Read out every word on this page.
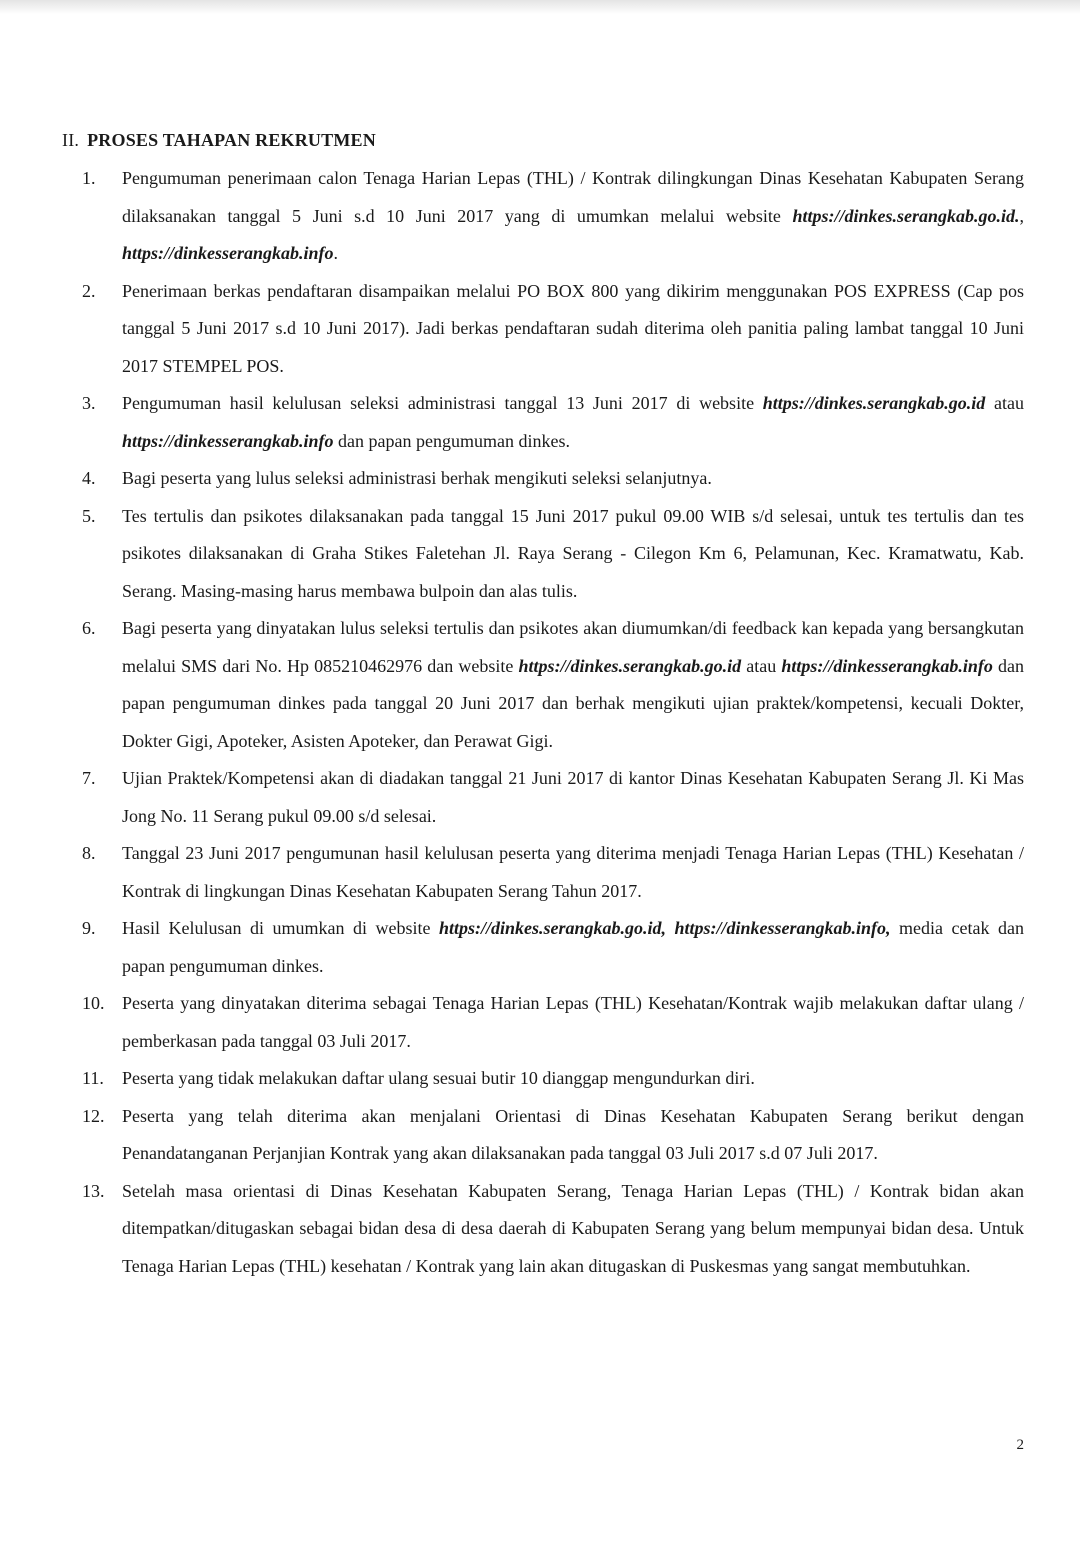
II. PROSES TAHAPAN REKRUTMEN
1.	Pengumuman penerimaan calon Tenaga Harian Lepas (THL) / Kontrak dilingkungan Dinas Kesehatan Kabupaten Serang dilaksanakan tanggal 5 Juni s.d 10 Juni 2017 yang di umumkan melalui website https://dinkes.serangkab.go.id., https://dinkesserangkab.info.
2.	Penerimaan berkas pendaftaran disampaikan melalui PO BOX 800 yang dikirim menggunakan POS EXPRESS (Cap pos tanggal 5 Juni 2017 s.d 10 Juni 2017). Jadi berkas pendaftaran sudah diterima oleh panitia paling lambat tanggal 10 Juni 2017 STEMPEL POS.
3.	Pengumuman hasil kelulusan seleksi administrasi tanggal 13 Juni 2017 di website https://dinkes.serangkab.go.id atau https://dinkesserangkab.info dan papan pengumuman dinkes.
4.	Bagi peserta yang lulus seleksi administrasi berhak mengikuti seleksi selanjutnya.
5.	Tes tertulis dan psikotes dilaksanakan pada tanggal 15 Juni 2017 pukul 09.00 WIB s/d selesai, untuk tes tertulis dan tes psikotes dilaksanakan di Graha Stikes Faletehan Jl. Raya Serang - Cilegon Km 6, Pelamunan, Kec. Kramatwatu, Kab. Serang. Masing-masing harus membawa bulpoin dan alas tulis.
6.	Bagi peserta yang dinyatakan lulus seleksi tertulis dan psikotes akan diumumkan/di feedback kan kepada yang bersangkutan melalui SMS dari No. Hp 085210462976 dan website https://dinkes.serangkab.go.id atau https://dinkesserangkab.info dan papan pengumuman dinkes pada tanggal 20 Juni 2017 dan berhak mengikuti ujian praktek/kompetensi, kecuali Dokter, Dokter Gigi, Apoteker, Asisten Apoteker, dan Perawat Gigi.
7.	Ujian Praktek/Kompetensi akan di diadakan tanggal 21 Juni 2017 di kantor Dinas Kesehatan Kabupaten Serang Jl. Ki Mas Jong No. 11 Serang pukul 09.00 s/d selesai.
8.	Tanggal 23 Juni 2017 pengumunan hasil kelulusan peserta yang diterima menjadi Tenaga Harian Lepas (THL) Kesehatan / Kontrak di lingkungan Dinas Kesehatan Kabupaten Serang Tahun 2017.
9.	Hasil Kelulusan di umumkan di website https://dinkes.serangkab.go.id, https://dinkesserangkab.info, media cetak dan papan pengumuman dinkes.
10. Peserta yang dinyatakan diterima sebagai Tenaga Harian Lepas (THL) Kesehatan/Kontrak wajib melakukan daftar ulang / pemberkasan pada tanggal 03 Juli 2017.
11.	Peserta yang tidak melakukan daftar ulang sesuai butir 10 dianggap mengundurkan diri.
12. Peserta yang telah diterima akan menjalani Orientasi di Dinas Kesehatan Kabupaten Serang berikut dengan Penandatanganan Perjanjian Kontrak yang akan dilaksanakan pada tanggal 03 Juli 2017 s.d 07 Juli 2017.
13. Setelah masa orientasi di Dinas Kesehatan Kabupaten Serang, Tenaga Harian Lepas (THL) / Kontrak bidan akan ditempatkan/ditugaskan sebagai bidan desa di desa daerah di Kabupaten Serang yang belum mempunyai bidan desa. Untuk Tenaga Harian Lepas (THL) kesehatan / Kontrak yang lain akan ditugaskan di Puskesmas yang sangat membutuhkan.
2
